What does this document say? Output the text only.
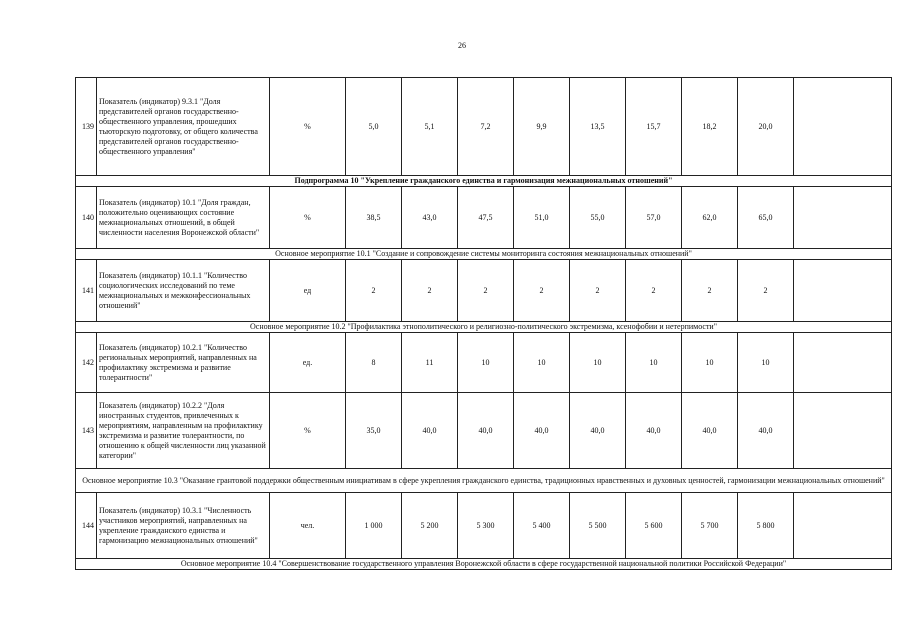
26
139	Показатель (индикатор) 9.3.1 "Доля представителей органов государственно-общественного управления, прошедших тьюторскую подготовку, от общего количества представителей органов государственно-общественного управления"	%	5,0	5,1	7,2	9,9	13,5	15,7	18,2	20,0	
Подпрограмма 10 "Укрепление гражданского единства и гармонизация межнациональных отношений"											
140	Показатель (индикатор) 10.1 "Доля граждан, положительно оценивающих состояние межнациональных отношений, в общей численности населения Воронежской области"	%	38,5	43,0	47,5	51,0	55,0	57,0	62,0	65,0	
Основное мероприятие 10.1 "Создание и сопровождение системы мониторинга состояния межнациональных отношений"											
141	Показатель (индикатор) 10.1.1 "Количество социологических исследований по теме межнациональных и межконфессиональных отношений"	ед	2	2	2	2	2	2	2	2	
Основное мероприятие 10.2 "Профилактика этнополитического и религиозно-политического экстремизма, ксенофобии и нетерпимости"											
142	Показатель (индикатор) 10.2.1 "Количество региональных мероприятий, направленных на профилактику экстремизма и развитие толерантности"	ед.	8	11	10	10	10	10	10	10	
143	Показатель (индикатор) 10.2.2 "Доля иностранных студентов, привлеченных к мероприятиям, направленным на профилактику экстремизма и развитие толерантности, по отношению к общей численности лиц указанной категории"	%	35,0	40,0	40,0	40,0	40,0	40,0	40,0	40,0	
Основное мероприятие 10.3 "Оказание грантовой поддержки общественным инициативам в сфере укрепления гражданского единства, традиционных нравственных и духовных ценностей, гармонизации межнациональных отношений"											
144	Показатель (индикатор) 10.3.1 "Численность участников мероприятий, направленных на укрепление гражданского единства и гармонизацию межнациональных отношений"	чел.	1 000	5 200	5 300	5 400	5 500	5 600	5 700	5 800	
Основное мероприятие 10.4 "Совершенствование государственного управления Воронежской области в сфере государственной национальной политики Российской Федерации"											
